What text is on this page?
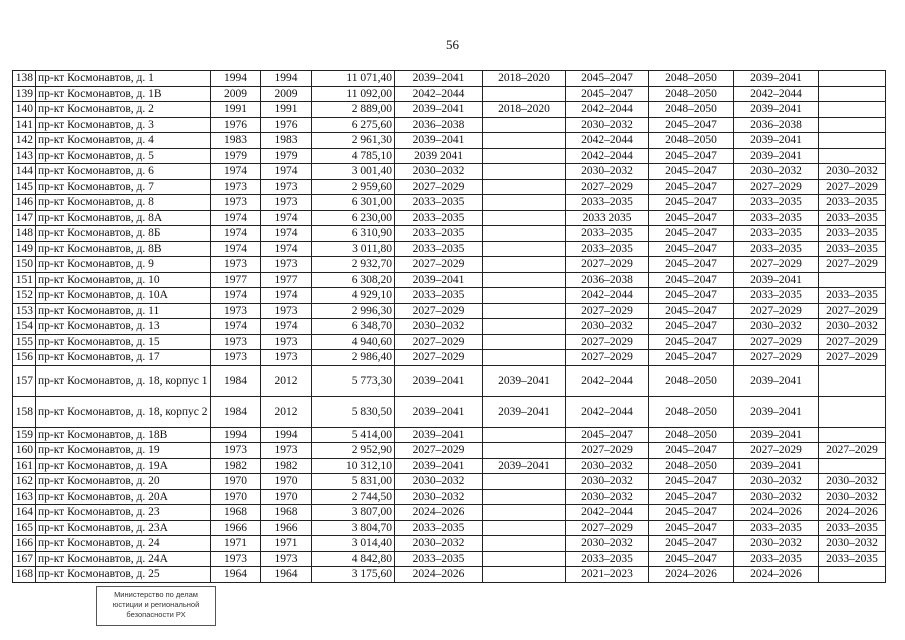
56
138	пр-кт Космонавтов, д. 1	1994	1994	11 071,40	2039–2041	2018–2020	2045–2047	2048–2050	2039–2041	
139	пр-кт Космонавтов, д. 1В	2009	2009	11 092,00	2042–2044		2045–2047	2048–2050	2042–2044	
140	пр-кт Космонавтов, д. 2	1991	1991	2 889,00	2039–2041	2018–2020	2042–2044	2048–2050	2039–2041	
141	пр-кт Космонавтов, д. 3	1976	1976	6 275,60	2036–2038		2030–2032	2045–2047	2036–2038	
142	пр-кт Космонавтов, д. 4	1983	1983	2 961,30	2039–2041		2042–2044	2048–2050	2039–2041	
143	пр-кт Космонавтов, д. 5	1979	1979	4 785,10	2039 2041		2042–2044	2045–2047	2039–2041	
144	пр-кт Космонавтов, д. 6	1974	1974	3 001,40	2030–2032		2030–2032	2045–2047	2030–2032	2030–2032
145	пр-кт Космонавтов, д. 7	1973	1973	2 959,60	2027–2029		2027–2029	2045–2047	2027–2029	2027–2029
146	пр-кт Космонавтов, д. 8	1973	1973	6 301,00	2033–2035		2033–2035	2045–2047	2033–2035	2033–2035
147	пр-кт Космонавтов, д. 8А	1974	1974	6 230,00	2033–2035		2033 2035	2045–2047	2033–2035	2033–2035
148	пр-кт Космонавтов, д. 8Б	1974	1974	6 310,90	2033–2035		2033–2035	2045–2047	2033–2035	2033–2035
149	пр-кт Космонавтов, д. 8В	1974	1974	3 011,80	2033–2035		2033–2035	2045–2047	2033–2035	2033–2035
150	пр-кт Космонавтов, д. 9	1973	1973	2 932,70	2027–2029		2027–2029	2045–2047	2027–2029	2027–2029
151	пр-кт Космонавтов, д. 10	1977	1977	6 308,20	2039–2041		2036–2038	2045–2047	2039–2041	
152	пр-кт Космонавтов, д. 10А	1974	1974	4 929,10	2033–2035		2042–2044	2045–2047	2033–2035	2033–2035
153	пр-кт Космонавтов, д. 11	1973	1973	2 996,30	2027–2029		2027–2029	2045–2047	2027–2029	2027–2029
154	пр-кт Космонавтов, д. 13	1974	1974	6 348,70	2030–2032		2030–2032	2045–2047	2030–2032	2030–2032
155	пр-кт Космонавтов, д. 15	1973	1973	4 940,60	2027–2029		2027–2029	2045–2047	2027–2029	2027–2029
156	пр-кт Космонавтов, д. 17	1973	1973	2 986,40	2027–2029		2027–2029	2045–2047	2027–2029	2027–2029
157	пр-кт Космонавтов, д. 18, корпус 1	1984	2012	5 773,30	2039–2041	2039–2041	2042–2044	2048–2050	2039–2041	
158	пр-кт Космонавтов, д. 18, корпус 2	1984	2012	5 830,50	2039–2041	2039–2041	2042–2044	2048–2050	2039–2041	
159	пр-кт Космонавтов, д. 18В	1994	1994	5 414,00	2039–2041		2045–2047	2048–2050	2039–2041	
160	пр-кт Космонавтов, д. 19	1973	1973	2 952,90	2027–2029		2027–2029	2045–2047	2027–2029	2027–2029
161	пр-кт Космонавтов, д. 19А	1982	1982	10 312,10	2039–2041	2039–2041	2030–2032	2048–2050	2039–2041	
162	пр-кт Космонавтов, д. 20	1970	1970	5 831,00	2030–2032		2030–2032	2045–2047	2030–2032	2030–2032
163	пр-кт Космонавтов, д. 20А	1970	1970	2 744,50	2030–2032		2030–2032	2045–2047	2030–2032	2030–2032
164	пр-кт Космонавтов, д. 23	1968	1968	3 807,00	2024–2026		2042–2044	2045–2047	2024–2026	2024–2026
165	пр-кт Космонавтов, д. 23А	1966	1966	3 804,70	2033–2035		2027–2029	2045–2047	2033–2035	2033–2035
166	пр-кт Космонавтов, д. 24	1971	1971	3 014,40	2030–2032		2030–2032	2045–2047	2030–2032	2030–2032
167	пр-кт Космонавтов, д. 24А	1973	1973	4 842,80	2033–2035		2033–2035	2045–2047	2033–2035	2033–2035
168	пр-кт Космонавтов, д. 25	1964	1964	3 175,60	2024–2026		2021–2023	2024–2026	2024–2026	
Министерство по делам
юстиции и региональной
безопасности РХ
